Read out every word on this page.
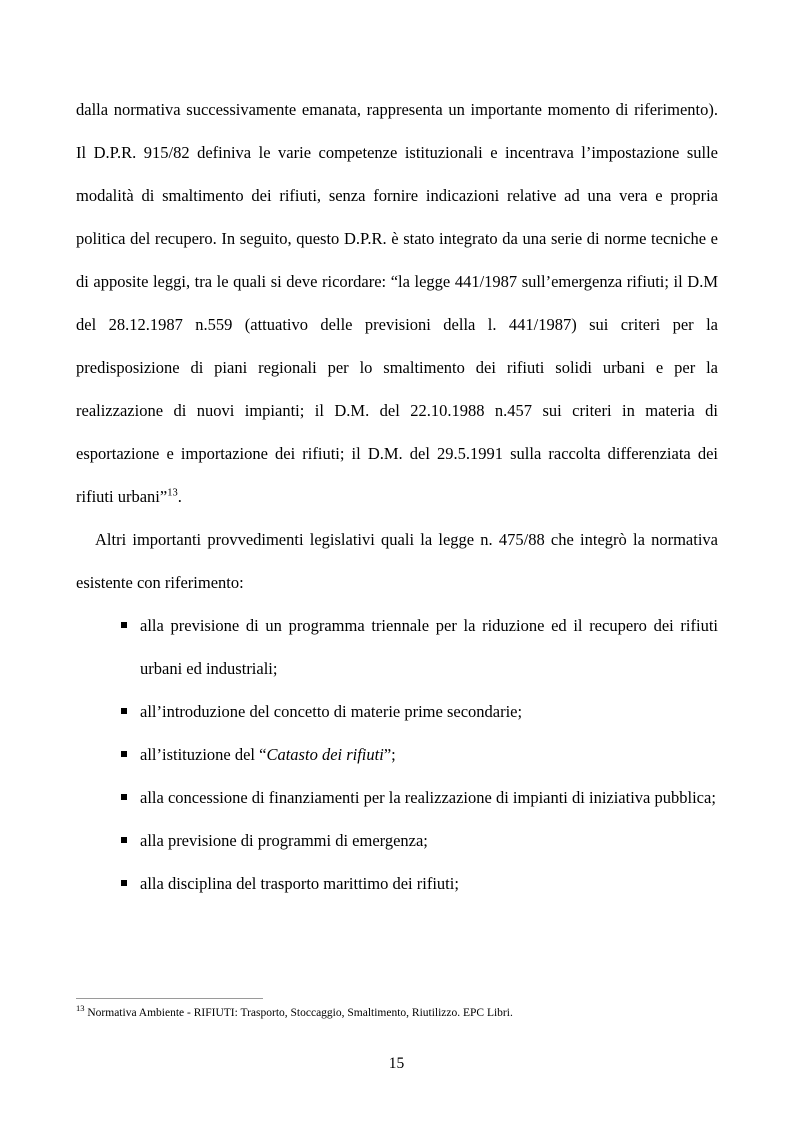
dalla normativa successivamente emanata, rappresenta un importante momento di riferimento). Il D.P.R. 915/82 definiva le varie competenze istituzionali e incentrava l’impostazione sulle modalità di smaltimento dei rifiuti, senza fornire indicazioni relative ad una vera e propria politica del recupero. In seguito, questo D.P.R. è stato integrato da una serie di norme tecniche e di apposite leggi, tra le quali si deve ricordare: “la legge 441/1987 sull’emergenza rifiuti; il D.M del 28.12.1987 n.559 (attuativo delle previsioni della l. 441/1987) sui criteri per la predisposizione di piani regionali per lo smaltimento dei rifiuti solidi urbani e per la realizzazione di nuovi impianti; il D.M. del 22.10.1988 n.457 sui criteri in materia di esportazione e importazione dei rifiuti; il D.M. del 29.5.1991 sulla raccolta differenziata dei rifiuti urbani”$^{13}$.

Altri importanti provvedimenti legislativi quali la legge n. 475/88 che integrò la normativa esistente con riferimento:

alla previsione di un programma triennale per la riduzione ed il recupero dei rifiuti urbani ed industriali;
all’introduzione del concetto di materie prime secondarie;
all’istituzione del “Catasto dei rifiuti”;
alla concessione di finanziamenti per la realizzazione di impianti di iniziativa pubblica;
alla previsione di programmi di emergenza;
alla disciplina del trasporto marittimo dei rifiuti;

$^{13}$ Normativa Ambiente - RIFIUTI: Trasporto, Stoccaggio, Smaltimento, Riutilizzo. EPC Libri.

15
